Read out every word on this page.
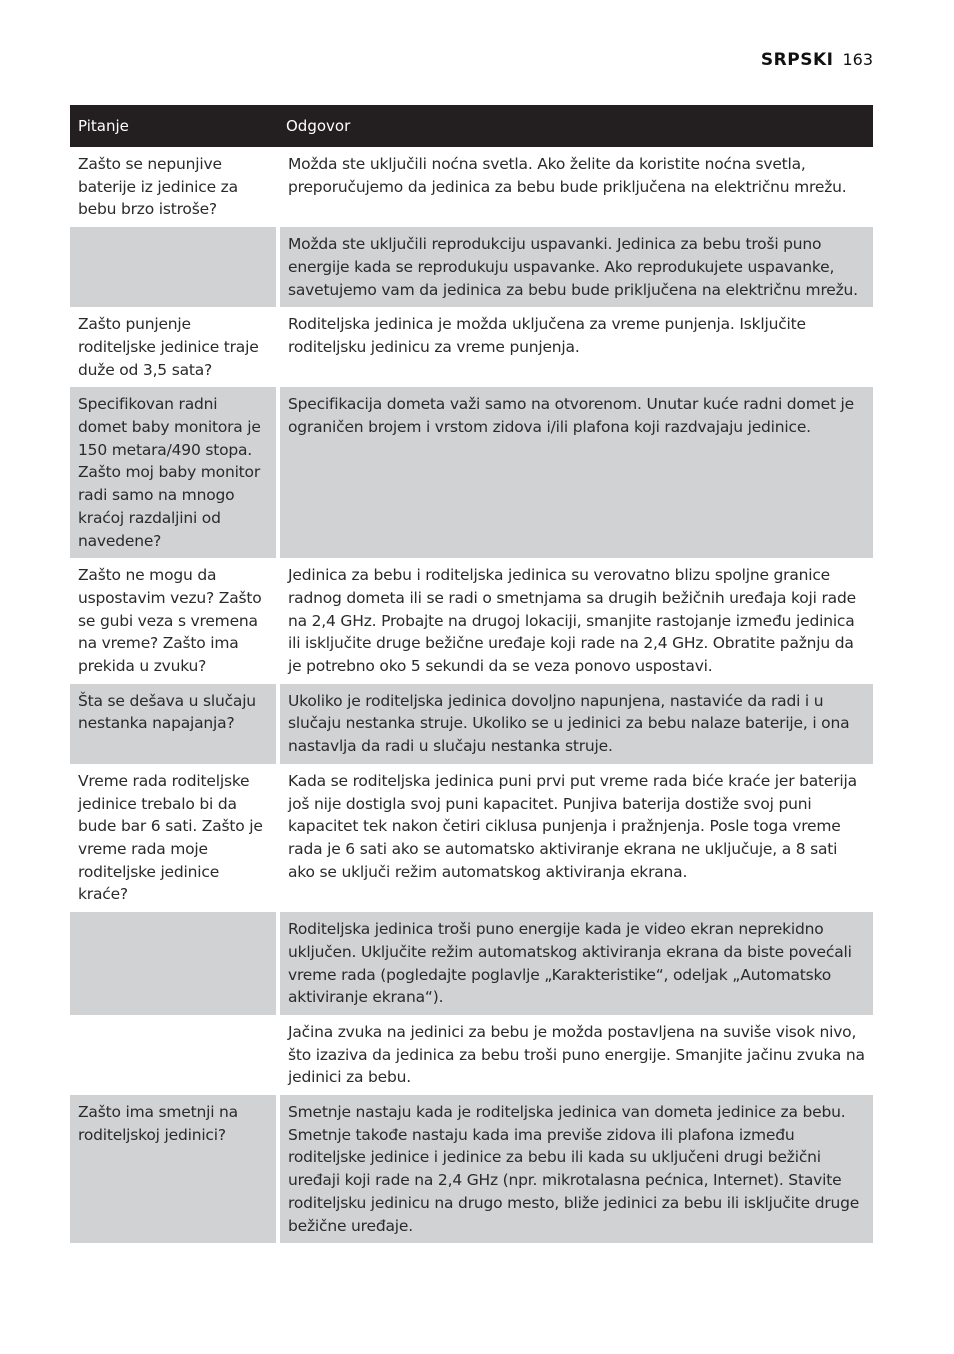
SRPSKI 163
Pitanje	Odgovor
Zašto se nepunjive baterije iz jedinice za bebu brzo istroše?	Možda ste uključili noćna svetla. Ako želite da koristite noćna svetla, preporučujemo da jedinica za bebu bude priključena na električnu mrežu.
	Možda ste uključili reprodukciju uspavanki. Jedinica za bebu troši puno energije kada se reprodukuju uspavanke. Ako reprodukujete uspavanke, savetujemo vam da jedinica za bebu bude priključena na električnu mrežu.
Zašto punjenje roditeljske jedinice traje duže od 3,5 sata?	Roditeljska jedinica je možda uključena za vreme punjenja. Isključite roditeljsku jedinicu za vreme punjenja.
Specifikovan radni domet baby monitora je 150 metara/490 stopa. Zašto moj baby monitor radi samo na mnogo kraćoj razdaljini od navedene?	Specifikacija dometa važi samo na otvorenom. Unutar kuće radni domet je ograničen brojem i vrstom zidova i/ili plafona koji razdvajaju jedinice.
Zašto ne mogu da uspostavim vezu? Zašto se gubi veza s vremena na vreme? Zašto ima prekida u zvuku?	Jedinica za bebu i roditeljska jedinica su verovatno blizu spoljne granice radnog dometa ili se radi o smetnjama sa drugih bežičnih uređaja koji rade na 2,4 GHz. Probajte na drugoj lokaciji, smanjite rastojanje između jedinica ili isključite druge bežične uređaje koji rade na 2,4 GHz. Obratite pažnju da je potrebno oko 5 sekundi da se veza ponovo uspostavi.
Šta se dešava u slučaju nestanka napajanja?	Ukoliko je roditeljska jedinica dovoljno napunjena, nastaviće da radi i u slučaju nestanka struje. Ukoliko se u jedinici za bebu nalaze baterije, i ona nastavlja da radi u slučaju nestanka struje.
Vreme rada roditeljske jedinice trebalo bi da bude bar 6 sati. Zašto je vreme rada moje roditeljske jedinice kraće?	Kada se roditeljska jedinica puni prvi put vreme rada biće kraće jer baterija još nije dostigla svoj puni kapacitet. Punjiva baterija dostiže svoj puni kapacitet tek nakon četiri ciklusa punjenja i pražnjenja. Posle toga vreme rada je 6 sati ako se automatsko aktiviranje ekrana ne uključuje, a 8 sati ako se uključi režim automatskog aktiviranja ekrana.
	Roditeljska jedinica troši puno energije kada je video ekran neprekidno uključen. Uključite režim automatskog aktiviranja ekrana da biste povećali vreme rada (pogledajte poglavlje „Karakteristike“, odeljak „Automatsko aktiviranje ekrana“).
	Jačina zvuka na jedinici za bebu je možda postavljena na suviše visok nivo, što izaziva da jedinica za bebu troši puno energije. Smanjite jačinu zvuka na jedinici za bebu.
Zašto ima smetnji na roditeljskoj jedinici?	Smetnje nastaju kada je roditeljska jedinica van dometa jedinice za bebu. Smetnje takođe nastaju kada ima previše zidova ili plafona između roditeljske jedinice i jedinice za bebu ili kada su uključeni drugi bežični uređaji koji rade na 2,4 GHz (npr. mikrotalasna pećnica, Internet). Stavite roditeljsku jedinicu na drugo mesto, bliže jedinici za bebu ili isključite druge bežične uređaje.
